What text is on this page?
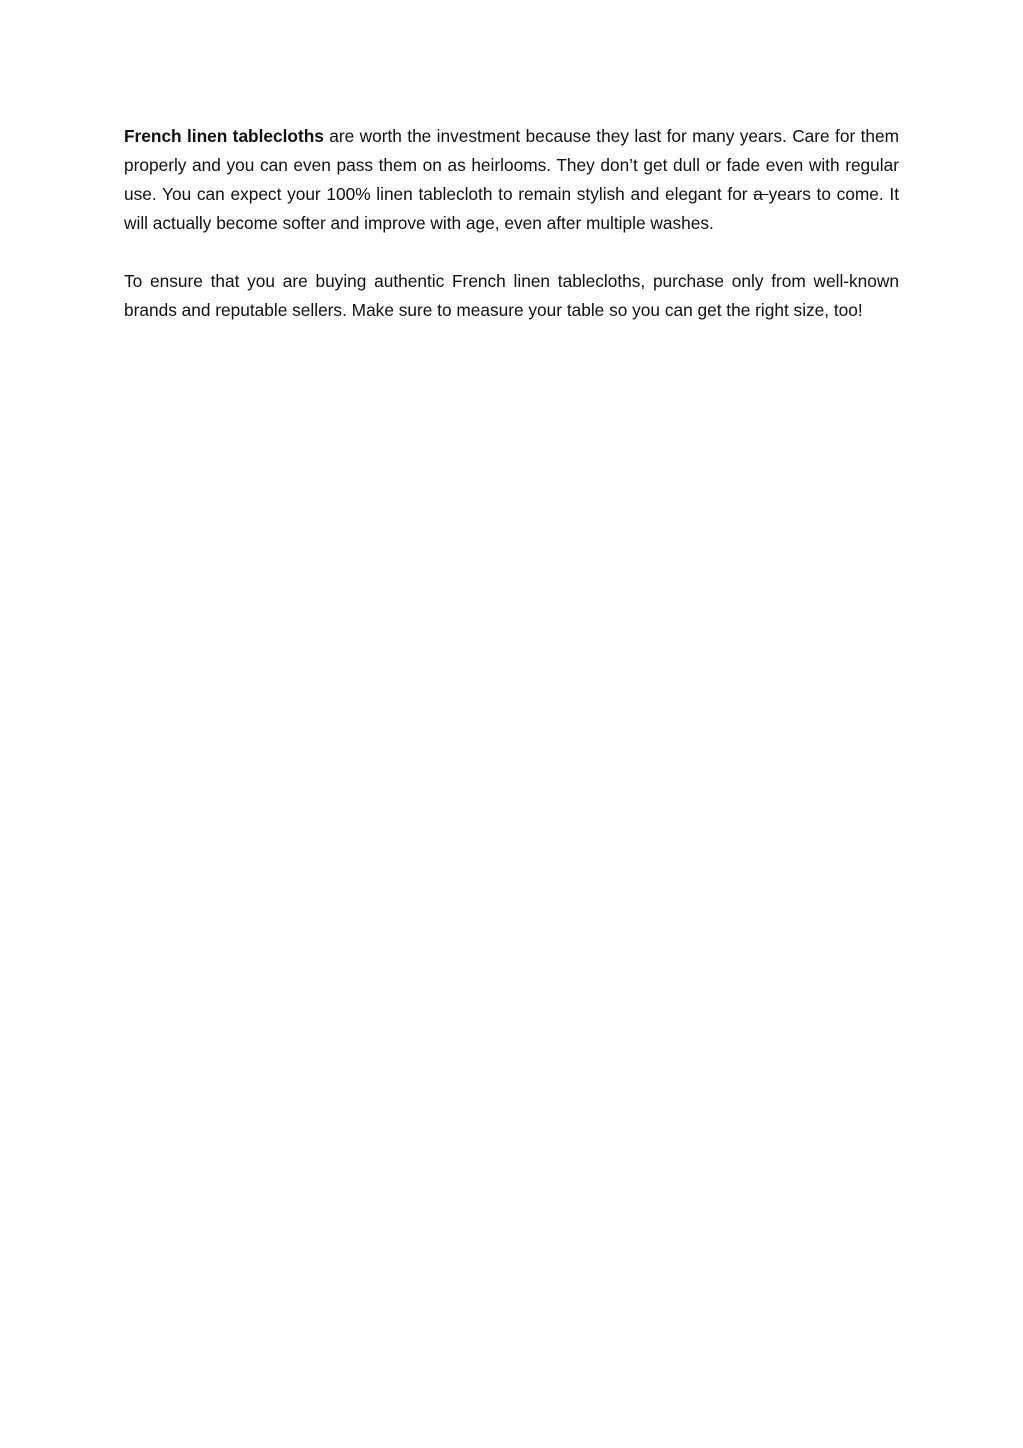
French linen tablecloths are worth the investment because they last for many years. Care for them properly and you can even pass them on as heirlooms. They don’t get dull or fade even with regular use. You can expect your 100% linen tablecloth to remain stylish and elegant for a years to come. It will actually become softer and improve with age, even after multiple washes.

To ensure that you are buying authentic French linen tablecloths, purchase only from well-known brands and reputable sellers. Make sure to measure your table so you can get the right size, too!
